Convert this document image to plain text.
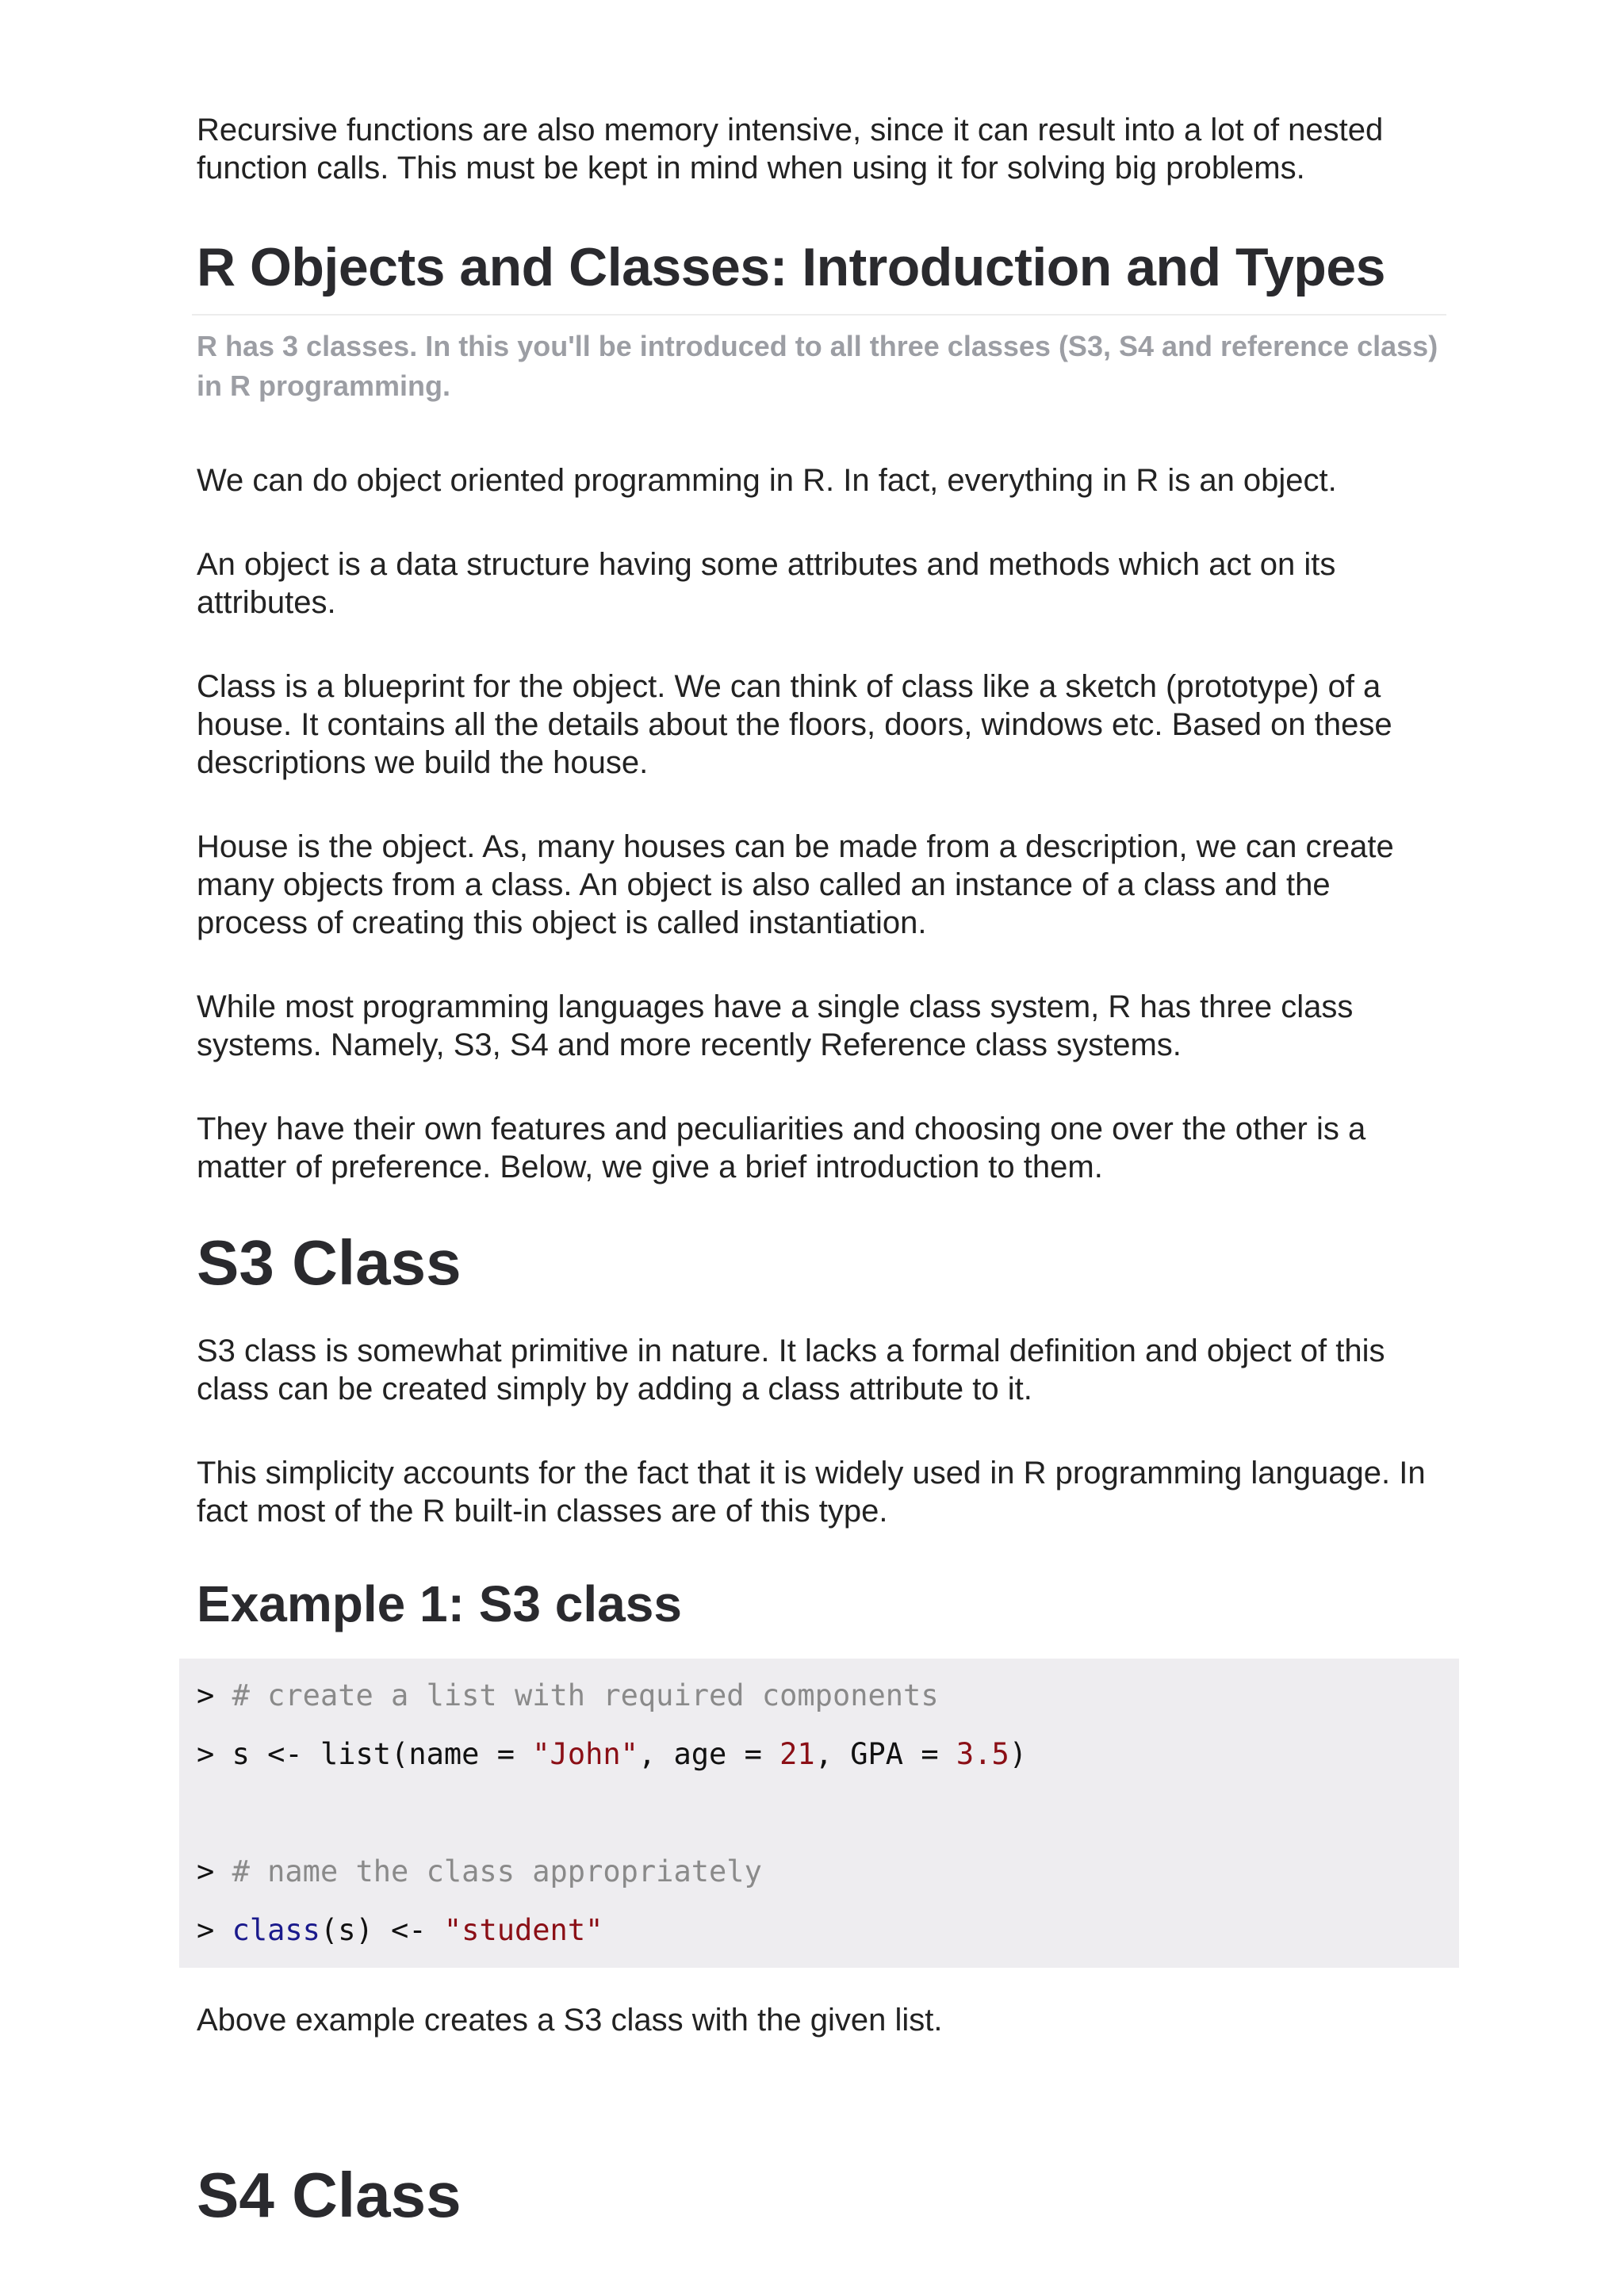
Recursive functions are also memory intensive, since it can result into a lot of nested function calls. This must be kept in mind when using it for solving big problems.

R Objects and Classes: Introduction and Types

R has 3 classes. In this you'll be introduced to all three classes (S3, S4 and reference class) in R programming.

We can do object oriented programming in R. In fact, everything in R is an object.

An object is a data structure having some attributes and methods which act on its attributes.

Class is a blueprint for the object. We can think of class like a sketch (prototype) of a house. It contains all the details about the floors, doors, windows etc. Based on these descriptions we build the house.

House is the object. As, many houses can be made from a description, we can create many objects from a class. An object is also called an instance of a class and the process of creating this object is called instantiation.

While most programming languages have a single class system, R has three class systems. Namely, S3, S4 and more recently Reference class systems.

They have their own features and peculiarities and choosing one over the other is a matter of preference. Below, we give a brief introduction to them.

S3 Class

S3 class is somewhat primitive in nature. It lacks a formal definition and object of this class can be created simply by adding a class attribute to it.

This simplicity accounts for the fact that it is widely used in R programming language. In fact most of the R built-in classes are of this type.

Example 1: S3 class
> # create a list with required components
> s <- list(name = "John", age = 21, GPA = 3.5)
> # name the class appropriately
> class(s) <- "student"

Above example creates a S3 class with the given list.

S4 Class
